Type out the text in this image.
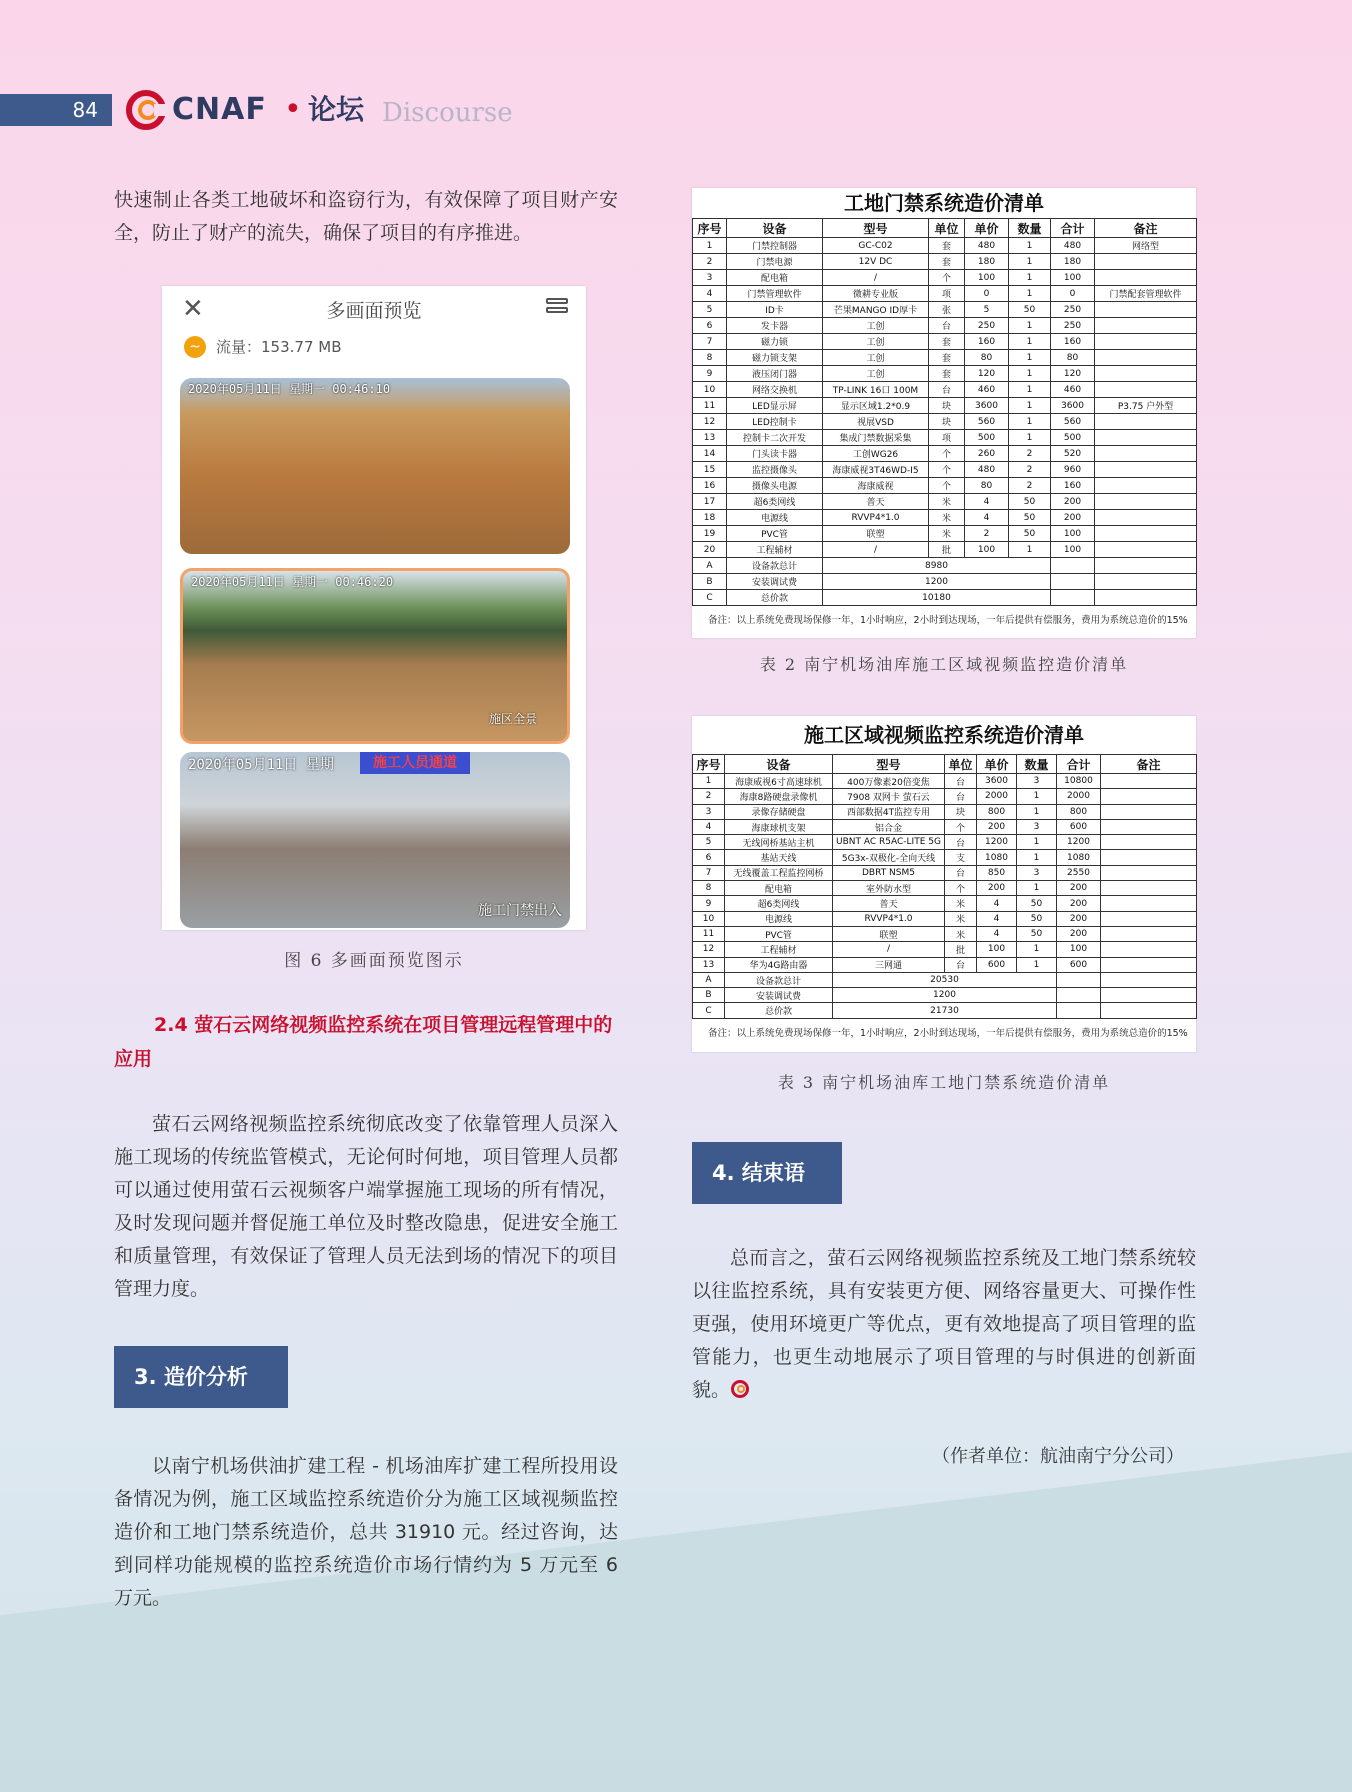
84	CNAF • 论坛 Discourse
快速制止各类工地破坏和盗窃行为，有效保障了项目财产安全，防止了财产的流失，确保了项目的有序推进。
✕	多画面预览
~	流量：153.77 MB
2020年05月11日 星期一 00:46:10
2020年05月11日 星期一 00:46:20
施区全景
2020年05月11日 星期	施工人员通道
施工门禁出入
图 6 多画面预览图示
2.4 萤石云网络视频监控系统在项目管理远程管理中的应用
萤石云网络视频监控系统彻底改变了依靠管理人员深入施工现场的传统监管模式，无论何时何地，项目管理人员都可以通过使用萤石云视频客户端掌握施工现场的所有情况，及时发现问题并督促施工单位及时整改隐患，促进安全施工和质量管理，有效保证了管理人员无法到场的情况下的项目管理力度。
3. 造价分析
以南宁机场供油扩建工程 - 机场油库扩建工程所投用设备情况为例，施工区域监控系统造价分为施工区域视频监控造价和工地门禁系统造价，总共 31910 元。经过咨询，达到同样功能规模的监控系统造价市场行情约为 5 万元至 6 万元。
工地门禁系统造价清单
序号	设备	型号	单位	单价	数量	合计	备注
1	门禁控制器	GC-C02	套	480	1	480	网络型
2	门禁电源	12V DC	套	180	1	180	
3	配电箱	/	个	100	1	100	
4	门禁管理软件	微耕专业版	项	0	1	0	门禁配套管理软件
5	ID卡	芒果MANGO ID厚卡	张	5	50	250	
6	发卡器	工创	台	250	1	250	
7	磁力锁	工创	套	160	1	160	
8	磁力锁支架	工创	套	80	1	80	
9	液压闭门器	工创	套	120	1	120	
10	网络交换机	TP-LINK 16口 100M	台	460	1	460	
11	LED显示屏	显示区域1.2*0.9	块	3600	1	3600	P3.75 户外型
12	LED控制卡	视展VSD	块	560	1	560	
13	控制卡二次开发	集成门禁数据采集	项	500	1	500	
14	门头读卡器	工创WG26	个	260	2	520	
15	监控摄像头	海康威视3T46WD-I5	个	480	2	960	
16	摄像头电源	海康威视	个	80	2	160	
17	超6类网线	普天	米	4	50	200	
18	电源线	RVVP4*1.0	米	4	50	200	
19	PVC管	联塑	米	2	50	100	
20	工程辅材	/	批	100	1	100	
A	设备款总计	8980					
B	安装调试费	1200					
C	总价款	10180					
备注：以上系统免费现场保修一年，1小时响应，2小时到达现场，一年后提供有偿服务，费用为系统总造价的15%
表 2 南宁机场油库施工区域视频监控造价清单
施工区域视频监控系统造价清单
序号	设备	型号	单位	单价	数量	合计	备注
1	海康威视6寸高速球机	400万像素20倍变焦	台	3600	3	10800	
2	海康8路硬盘录像机	7908 双网卡 萤石云	台	2000	1	2000	
3	录像存储硬盘	西部数据4T监控专用	块	800	1	800	
4	海康球机支架	铝合金	个	200	3	600	
5	无线网桥基站主机	UBNT AC R5AC-LITE 5G	台	1200	1	1200	
6	基站天线	5G3x-双极化-全向天线	支	1080	1	1080	
7	无线覆盖工程监控网桥	DBRT NSM5	台	850	3	2550	
8	配电箱	室外防水型	个	200	1	200	
9	超6类网线	普天	米	4	50	200	
10	电源线	RVVP4*1.0	米	4	50	200	
11	PVC管	联塑	米	4	50	200	
12	工程辅材	/	批	100	1	100	
13	华为4G路由器	三网通	台	600	1	600	
A	设备款总计	20530					
B	安装调试费	1200					
C	总价款	21730					
备注：以上系统免费现场保修一年，1小时响应，2小时到达现场，一年后提供有偿服务，费用为系统总造价的15%
表 3 南宁机场油库工地门禁系统造价清单
4. 结束语
总而言之，萤石云网络视频监控系统及工地门禁系统较以往监控系统，具有安装更方便、网络容量更大、可操作性更强，使用环境更广等优点，更有效地提高了项目管理的监管能力，也更生动地展示了项目管理的与时俱进的创新面貌。
（作者单位：航油南宁分公司）
